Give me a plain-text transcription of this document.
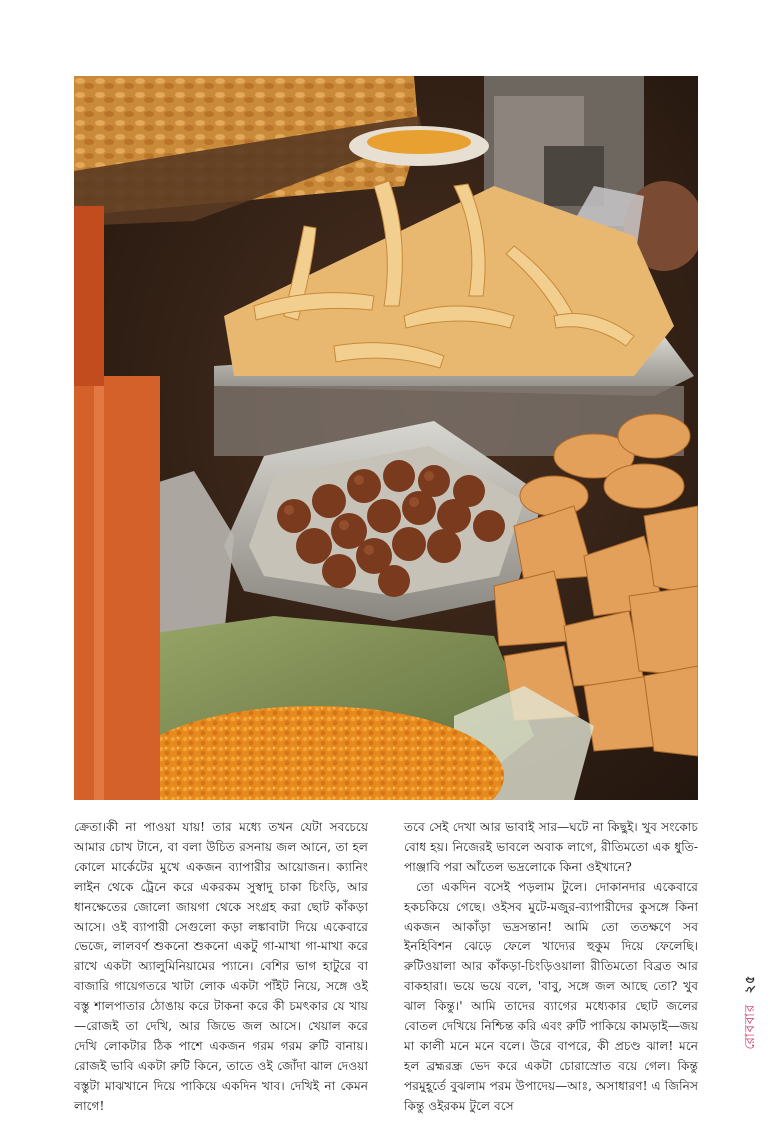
ক্রেতা।কী না পাওয়া যায়! তার মধ্যে তখন যেটা সবচেয়ে আমার চোখ টানে, বা বলা উচিত রসনায় জল আনে, তা হল কোলে মার্কেটের মুখে একজন ব্যাপারীর আয়োজন। ক্যানিং লাইন থেকে ট্রেনে করে একরকম সুস্বাদু চাকা চিংড়ি, আর ধানক্ষেতের জোলো জায়গা থেকে সংগ্রহ করা ছোট কাঁকড়া আসে। ওই ব্যাপারী সেগুলো কড়া লঙ্কাবাটা দিয়ে একেবারে ভেজে, লালবর্ণ শুকনো শুকনো একটু গা-মাখা গা-মাখা করে রাখে একটা অ্যালুমিনিয়ামের প্যানে। বেশির ভাগ হাটুরে বা বাজারি গায়েগতরে খাটা লোক একটা পাঁইট নিয়ে, সঙ্গে ওই বস্তু শালপাতার ঠোঙায় করে টাকনা করে কী চমৎকার যে খায়—রোজই তা দেখি, আর জিভে জল আসে। খেয়াল করে দেখি লোকটার ঠিক পাশে একজন গরম গরম রুটি বানায়। রোজই ভাবি একটা রুটি কিনে, তাতে ওই জোঁদা ঝাল দেওয়া বস্তুটা মাঝখানে দিয়ে পাকিয়ে একদিন খাব। দেখিই না কেমন লাগে!

তবে সেই দেখা আর ভাবাই সার—ঘটে না কিছুই। খুব সংকোচ বোধ হয়। নিজেরই ভাবলে অবাক লাগে, রীতিমতো এক ধুতি-পাঞ্জাবি পরা আঁতেল ভদ্রলোকে কিনা ওইখানে?

তো একদিন বসেই পড়লাম টুলে। দোকানদার একেবারে হকচকিয়ে গেছে। ওইসব মুটে-মজুর-ব্যাপারীদের কুসঙ্গে কিনা একজন আকাঁড়া ভদ্রসন্তান! আমি তো ততক্ষণে সব ইনহিবিশন ঝেড়ে ফেলে খাদ্যের হুকুম দিয়ে ফেলেছি। রুটিওয়ালা আর কাঁকড়া-চিংড়িওয়ালা রীতিমতো বিব্রত আর বাকহারা। ভয়ে ভয়ে বলে, 'বাবু, সঙ্গে জল আছে তো? খুব ঝাল কিন্তু।' আমি তাদের ব্যাগের মধ্যেকার ছোট জলের বোতল দেখিয়ে নিশ্চিন্ত করি এবং রুটি পাকিয়ে কামড়াই—জয় মা কালী মনে মনে বলে। উরে বাপরে, কী প্রচণ্ড ঝাল! মনে হল ব্রহ্মরন্ধ্র ভেদ করে একটা চোরাস্রোত বয়ে গেল। কিন্তু পরমুহূর্তে বুঝলাম পরম উপাদেয়—আঃ, অসাধারণ! এ জিনিস কিন্তু ওইরকম টুলে বসে

রোববার
২৫
